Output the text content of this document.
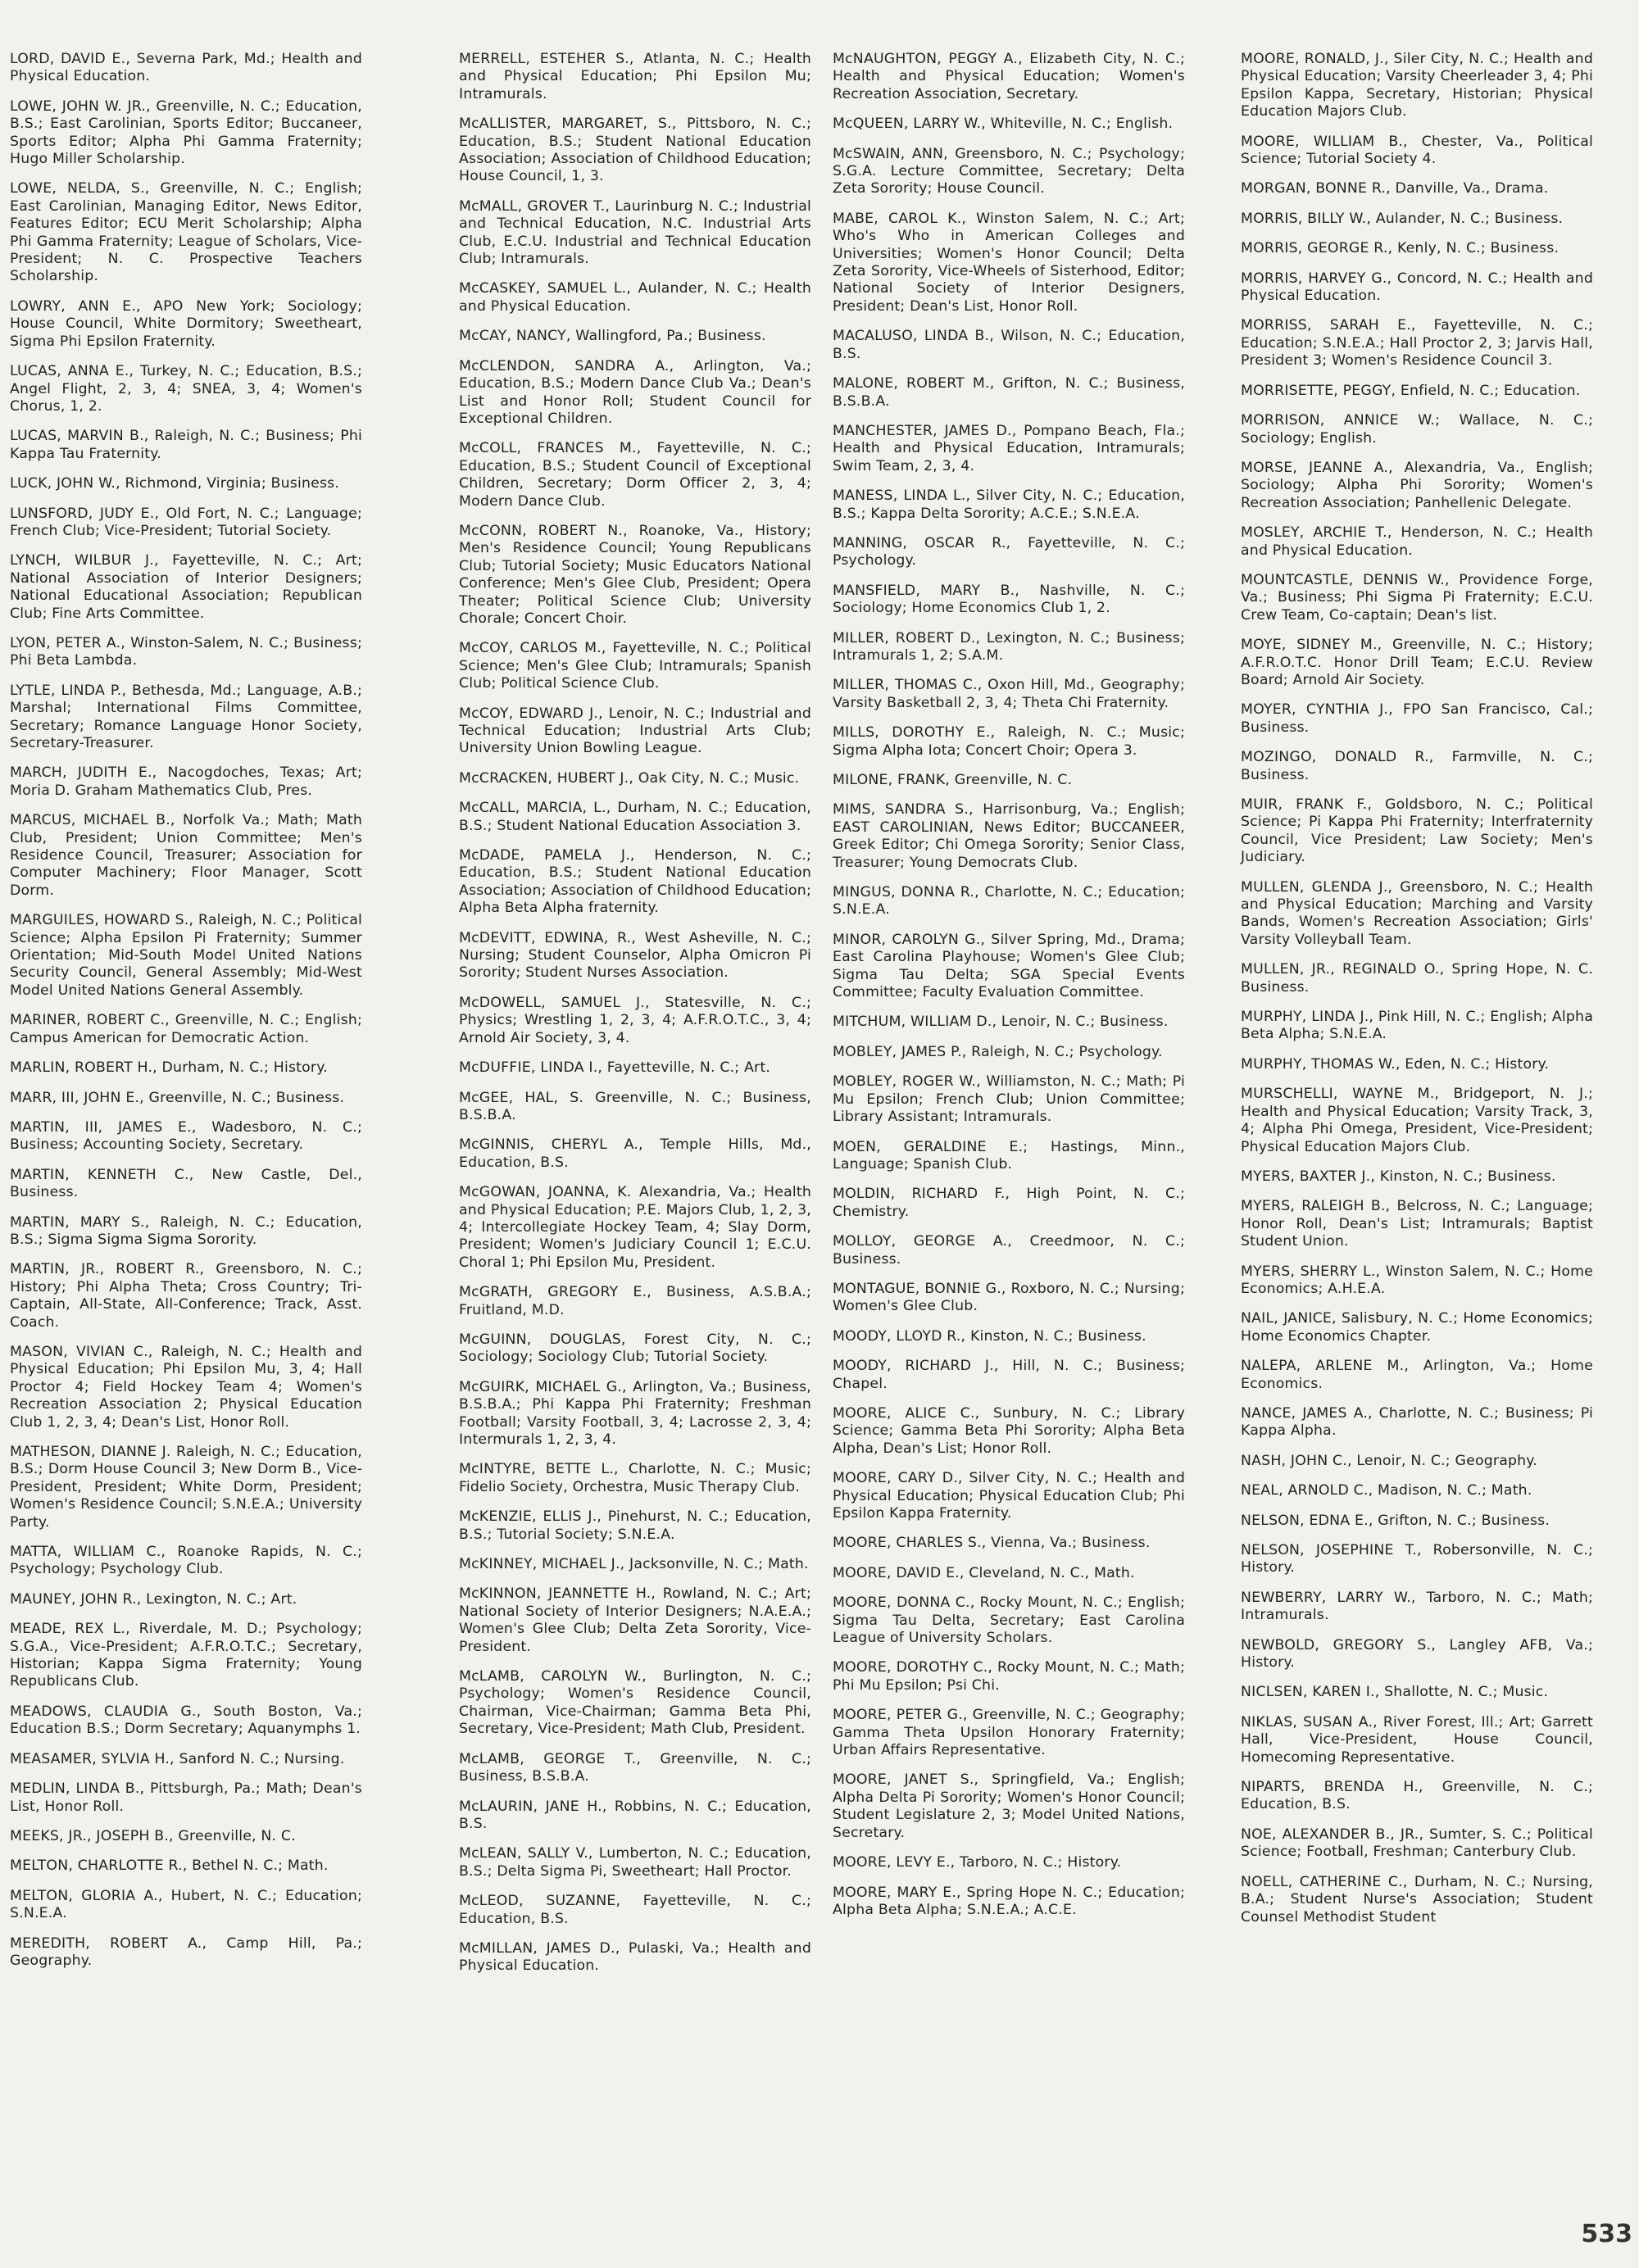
LORD, DAVID E., Severna Park, Md.; Health and Physical Education.

LOWE, JOHN W. JR., Greenville, N. C.; Education, B.S.; East Carolinian, Sports Editor; Buccaneer, Sports Editor; Alpha Phi Gamma Fraternity; Hugo Miller Scholarship.

LOWE, NELDA, S., Greenville, N. C.; English; East Carolinian, Managing Editor, News Editor, Features Editor; ECU Merit Scholarship; Alpha Phi Gamma Fraternity; League of Scholars, Vice-President; N. C. Prospective Teachers Scholarship.

LOWRY, ANN E., APO New York; Sociology; House Council, White Dormitory; Sweetheart, Sigma Phi Epsilon Fraternity.

LUCAS, ANNA E., Turkey, N. C.; Education, B.S.; Angel Flight, 2, 3, 4; SNEA, 3, 4; Women's Chorus, 1, 2.

LUCAS, MARVIN B., Raleigh, N. C.; Business; Phi Kappa Tau Fraternity.

LUCK, JOHN W., Richmond, Virginia; Business.

LUNSFORD, JUDY E., Old Fort, N. C.; Language; French Club; Vice-President; Tutorial Society.

LYNCH, WILBUR J., Fayetteville, N. C.; Art; National Association of Interior Designers; National Educational Association; Republican Club; Fine Arts Committee.

LYON, PETER A., Winston-Salem, N. C.; Business; Phi Beta Lambda.

LYTLE, LINDA P., Bethesda, Md.; Language, A.B.; Marshal; International Films Committee, Secretary; Romance Language Honor Society, Secretary-Treasurer.

MARCH, JUDITH E., Nacogdoches, Texas; Art; Moria D. Graham Mathematics Club, Pres.

MARCUS, MICHAEL B., Norfolk Va.; Math; Math Club, President; Union Committee; Men's Residence Council, Treasurer; Association for Computer Machinery; Floor Manager, Scott Dorm.

MARGUILES, HOWARD S., Raleigh, N. C.; Political Science; Alpha Epsilon Pi Fraternity; Summer Orientation; Mid-South Model United Nations Security Council, General Assembly; Mid-West Model United Nations General Assembly.

MARINER, ROBERT C., Greenville, N. C.; English; Campus American for Democratic Action.

MARLIN, ROBERT H., Durham, N. C.; History.

MARR, III, JOHN E., Greenville, N. C.; Business.

MARTIN, III, JAMES E., Wadesboro, N. C.; Business; Accounting Society, Secretary.

MARTIN, KENNETH C., New Castle, Del., Business.

MARTIN, MARY S., Raleigh, N. C.; Education, B.S.; Sigma Sigma Sigma Sorority.

MARTIN, JR., ROBERT R., Greensboro, N. C.; History; Phi Alpha Theta; Cross Country; Tri-Captain, All-State, All-Conference; Track, Asst. Coach.

MASON, VIVIAN C., Raleigh, N. C.; Health and Physical Education; Phi Epsilon Mu, 3, 4; Hall Proctor 4; Field Hockey Team 4; Women's Recreation Association 2; Physical Education Club 1, 2, 3, 4; Dean's List, Honor Roll.

MATHESON, DIANNE J. Raleigh, N. C.; Education, B.S.; Dorm House Council 3; New Dorm B., Vice-President, President; White Dorm, President; Women's Residence Council; S.N.E.A.; University Party.

MATTA, WILLIAM C., Roanoke Rapids, N. C.; Psychology; Psychology Club.

MAUNEY, JOHN R., Lexington, N. C.; Art.

MEADE, REX L., Riverdale, M. D.; Psychology; S.G.A., Vice-President; A.F.R.O.T.C.; Secretary, Historian; Kappa Sigma Fraternity; Young Republicans Club.

MEADOWS, CLAUDIA G., South Boston, Va.; Education B.S.; Dorm Secretary; Aquanymphs 1.

MEASAMER, SYLVIA H., Sanford N. C.; Nursing.

MEDLIN, LINDA B., Pittsburgh, Pa.; Math; Dean's List, Honor Roll.

MEEKS, JR., JOSEPH B., Greenville, N. C.

MELTON, CHARLOTTE R., Bethel N. C.; Math.

MELTON, GLORIA A., Hubert, N. C.; Education; S.N.E.A.

MEREDITH, ROBERT A., Camp Hill, Pa.; Geography.

MERRELL, ESTEHER S., Atlanta, N. C.; Health and Physical Education; Phi Epsilon Mu; Intramurals.

McALLISTER, MARGARET, S., Pittsboro, N. C.; Education, B.S.; Student National Education Association; Association of Childhood Education; House Council, 1, 3.

McMALL, GROVER T., Laurinburg N. C.; Industrial and Technical Education, N.C. Industrial Arts Club, E.C.U. Industrial and Technical Education Club; Intramurals.

McCASKEY, SAMUEL L., Aulander, N. C.; Health and Physical Education.

McCAY, NANCY, Wallingford, Pa.; Business.

McCLENDON, SANDRA A., Arlington, Va.; Education, B.S.; Modern Dance Club Va.; Dean's List and Honor Roll; Student Council for Exceptional Children.

McCOLL, FRANCES M., Fayetteville, N. C.; Education, B.S.; Student Council of Exceptional Children, Secretary; Dorm Officer 2, 3, 4; Modern Dance Club.

McCONN, ROBERT N., Roanoke, Va., History; Men's Residence Council; Young Republicans Club; Tutorial Society; Music Educators National Conference; Men's Glee Club, President; Opera Theater; Political Science Club; University Chorale; Concert Choir.

McCOY, CARLOS M., Fayetteville, N. C.; Political Science; Men's Glee Club; Intramurals; Spanish Club; Political Science Club.

McCOY, EDWARD J., Lenoir, N. C.; Industrial and Technical Education; Industrial Arts Club; University Union Bowling League.

McCRACKEN, HUBERT J., Oak City, N. C.; Music.

McCALL, MARCIA, L., Durham, N. C.; Education, B.S.; Student National Education Association 3.

McDADE, PAMELA J., Henderson, N. C.; Education, B.S.; Student National Education Association; Association of Childhood Education; Alpha Beta Alpha fraternity.

McDEVITT, EDWINA, R., West Asheville, N. C.; Nursing; Student Counselor, Alpha Omicron Pi Sorority; Student Nurses Association.

McDOWELL, SAMUEL J., Statesville, N. C.; Physics; Wrestling 1, 2, 3, 4; A.F.R.O.T.C., 3, 4; Arnold Air Society, 3, 4.

McDUFFIE, LINDA I., Fayetteville, N. C.; Art.

McGEE, HAL, S. Greenville, N. C.; Business, B.S.B.A.

McGINNIS, CHERYL A., Temple Hills, Md., Education, B.S.

McGOWAN, JOANNA, K. Alexandria, Va.; Health and Physical Education; P.E. Majors Club, 1, 2, 3, 4; Intercollegiate Hockey Team, 4; Slay Dorm, President; Women's Judiciary Council 1; E.C.U. Choral 1; Phi Epsilon Mu, President.

McGRATH, GREGORY E., Business, A.S.B.A.; Fruitland, M.D.

McGUINN, DOUGLAS, Forest City, N. C.; Sociology; Sociology Club; Tutorial Society.

McGUIRK, MICHAEL G., Arlington, Va.; Business, B.S.B.A.; Phi Kappa Phi Fraternity; Freshman Football; Varsity Football, 3, 4; Lacrosse 2, 3, 4; Intermurals 1, 2, 3, 4.

McINTYRE, BETTE L., Charlotte, N. C.; Music; Fidelio Society, Orchestra, Music Therapy Club.

McKENZIE, ELLIS J., Pinehurst, N. C.; Education, B.S.; Tutorial Society; S.N.E.A.

McKINNEY, MICHAEL J., Jacksonville, N. C.; Math.

McKINNON, JEANNETTE H., Rowland, N. C.; Art; National Society of Interior Designers; N.A.E.A.; Women's Glee Club; Delta Zeta Sorority, Vice-President.

McLAMB, CAROLYN W., Burlington, N. C.; Psychology; Women's Residence Council, Chairman, Vice-Chairman; Gamma Beta Phi, Secretary, Vice-President; Math Club, President.

McLAMB, GEORGE T., Greenville, N. C.; Business, B.S.B.A.

McLAURIN, JANE H., Robbins, N. C.; Education, B.S.

McLEAN, SALLY V., Lumberton, N. C.; Education, B.S.; Delta Sigma Pi, Sweetheart; Hall Proctor.

McLEOD, SUZANNE, Fayetteville, N. C.; Education, B.S.

McMILLAN, JAMES D., Pulaski, Va.; Health and Physical Education.

McNAUGHTON, PEGGY A., Elizabeth City, N. C.; Health and Physical Education; Women's Recreation Association, Secretary.

McQUEEN, LARRY W., Whiteville, N. C.; English.

McSWAIN, ANN, Greensboro, N. C.; Psychology; S.G.A. Lecture Committee, Secretary; Delta Zeta Sorority; House Council.

MABE, CAROL K., Winston Salem, N. C.; Art; Who's Who in American Colleges and Universities; Women's Honor Council; Delta Zeta Sorority, Vice-Wheels of Sisterhood, Editor; National Society of Interior Designers, President; Dean's List, Honor Roll.

MACALUSO, LINDA B., Wilson, N. C.; Education, B.S.

MALONE, ROBERT M., Grifton, N. C.; Business, B.S.B.A.

MANCHESTER, JAMES D., Pompano Beach, Fla.; Health and Physical Education, Intramurals; Swim Team, 2, 3, 4.

MANESS, LINDA L., Silver City, N. C.; Education, B.S.; Kappa Delta Sorority; A.C.E.; S.N.E.A.

MANNING, OSCAR R., Fayetteville, N. C.; Psychology.

MANSFIELD, MARY B., Nashville, N. C.; Sociology; Home Economics Club 1, 2.

MILLER, ROBERT D., Lexington, N. C.; Business; Intramurals 1, 2; S.A.M.

MILLER, THOMAS C., Oxon Hill, Md., Geography; Varsity Basketball 2, 3, 4; Theta Chi Fraternity.

MILLS, DOROTHY E., Raleigh, N. C.; Music; Sigma Alpha Iota; Concert Choir; Opera 3.

MILONE, FRANK, Greenville, N. C.

MIMS, SANDRA S., Harrisonburg, Va.; English; EAST CAROLINIAN, News Editor; BUCCANEER, Greek Editor; Chi Omega Sorority; Senior Class, Treasurer; Young Democrats Club.

MINGUS, DONNA R., Charlotte, N. C.; Education; S.N.E.A.

MINOR, CAROLYN G., Silver Spring, Md., Drama; East Carolina Playhouse; Women's Glee Club; Sigma Tau Delta; SGA Special Events Committee; Faculty Evaluation Committee.

MITCHUM, WILLIAM D., Lenoir, N. C.; Business.

MOBLEY, JAMES P., Raleigh, N. C.; Psychology.

MOBLEY, ROGER W., Williamston, N. C.; Math; Pi Mu Epsilon; French Club; Union Committee; Library Assistant; Intramurals.

MOEN, GERALDINE E.; Hastings, Minn., Language; Spanish Club.

MOLDIN, RICHARD F., High Point, N. C.; Chemistry.

MOLLOY, GEORGE A., Creedmoor, N. C.; Business.

MONTAGUE, BONNIE G., Roxboro, N. C.; Nursing; Women's Glee Club.

MOODY, LLOYD R., Kinston, N. C.; Business.

MOODY, RICHARD J., Hill, N. C.; Business; Chapel.

MOORE, ALICE C., Sunbury, N. C.; Library Science; Gamma Beta Phi Sorority; Alpha Beta Alpha, Dean's List; Honor Roll.

MOORE, CARY D., Silver City, N. C.; Health and Physical Education; Physical Education Club; Phi Epsilon Kappa Fraternity.

MOORE, CHARLES S., Vienna, Va.; Business.

MOORE, DAVID E., Cleveland, N. C., Math.

MOORE, DONNA C., Rocky Mount, N. C.; English; Sigma Tau Delta, Secretary; East Carolina League of University Scholars.

MOORE, DOROTHY C., Rocky Mount, N. C.; Math; Phi Mu Epsilon; Psi Chi.

MOORE, PETER G., Greenville, N. C.; Geography; Gamma Theta Upsilon Honorary Fraternity; Urban Affairs Representative.

MOORE, JANET S., Springfield, Va.; English; Alpha Delta Pi Sorority; Women's Honor Council; Student Legislature 2, 3; Model United Nations, Secretary.

MOORE, LEVY E., Tarboro, N. C.; History.

MOORE, MARY E., Spring Hope N. C.; Education; Alpha Beta Alpha; S.N.E.A.; A.C.E.

MOORE, RONALD, J., Siler City, N. C.; Health and Physical Education; Varsity Cheerleader 3, 4; Phi Epsilon Kappa, Secretary, Historian; Physical Education Majors Club.

MOORE, WILLIAM B., Chester, Va., Political Science; Tutorial Society 4.

MORGAN, BONNE R., Danville, Va., Drama.

MORRIS, BILLY W., Aulander, N. C.; Business.

MORRIS, GEORGE R., Kenly, N. C.; Business.

MORRIS, HARVEY G., Concord, N. C.; Health and Physical Education.

MORRISS, SARAH E., Fayetteville, N. C.; Education; S.N.E.A.; Hall Proctor 2, 3; Jarvis Hall, President 3; Women's Residence Council 3.

MORRISETTE, PEGGY, Enfield, N. C.; Education.

MORRISON, ANNICE W.; Wallace, N. C.; Sociology; English.

MORSE, JEANNE A., Alexandria, Va., English; Sociology; Alpha Phi Sorority; Women's Recreation Association; Panhellenic Delegate.

MOSLEY, ARCHIE T., Henderson, N. C.; Health and Physical Education.

MOUNTCASTLE, DENNIS W., Providence Forge, Va.; Business; Phi Sigma Pi Fraternity; E.C.U. Crew Team, Co-captain; Dean's list.

MOYE, SIDNEY M., Greenville, N. C.; History; A.F.R.O.T.C. Honor Drill Team; E.C.U. Review Board; Arnold Air Society.

MOYER, CYNTHIA J., FPO San Francisco, Cal.; Business.

MOZINGO, DONALD R., Farmville, N. C.; Business.

MUIR, FRANK F., Goldsboro, N. C.; Political Science; Pi Kappa Phi Fraternity; Interfraternity Council, Vice President; Law Society; Men's Judiciary.

MULLEN, GLENDA J., Greensboro, N. C.; Health and Physical Education; Marching and Varsity Bands, Women's Recreation Association; Girls' Varsity Volleyball Team.

MULLEN, JR., REGINALD O., Spring Hope, N. C. Business.

MURPHY, LINDA J., Pink Hill, N. C.; English; Alpha Beta Alpha; S.N.E.A.

MURPHY, THOMAS W., Eden, N. C.; History.

MURSCHELLI, WAYNE M., Bridgeport, N. J.; Health and Physical Education; Varsity Track, 3, 4; Alpha Phi Omega, President, Vice-President; Physical Education Majors Club.

MYERS, BAXTER J., Kinston, N. C.; Business.

MYERS, RALEIGH B., Belcross, N. C.; Language; Honor Roll, Dean's List; Intramurals; Baptist Student Union.

MYERS, SHERRY L., Winston Salem, N. C.; Home Economics; A.H.E.A.

NAIL, JANICE, Salisbury, N. C.; Home Economics; Home Economics Chapter.

NALEPA, ARLENE M., Arlington, Va.; Home Economics.

NANCE, JAMES A., Charlotte, N. C.; Business; Pi Kappa Alpha.

NASH, JOHN C., Lenoir, N. C.; Geography.

NEAL, ARNOLD C., Madison, N. C.; Math.

NELSON, EDNA E., Grifton, N. C.; Business.

NELSON, JOSEPHINE T., Robersonville, N. C.; History.

NEWBERRY, LARRY W., Tarboro, N. C.; Math; Intramurals.

NEWBOLD, GREGORY S., Langley AFB, Va.; History.

NICLSEN, KAREN I., Shallotte, N. C.; Music.

NIKLAS, SUSAN A., River Forest, Ill.; Art; Garrett Hall, Vice-President, House Council, Homecoming Representative.

NIPARTS, BRENDA H., Greenville, N. C.; Education, B.S.

NOE, ALEXANDER B., JR., Sumter, S. C.; Political Science; Football, Freshman; Canterbury Club.

NOELL, CATHERINE C., Durham, N. C.; Nursing, B.A.; Student Nurse's Association; Student Counsel Methodist Student

533
